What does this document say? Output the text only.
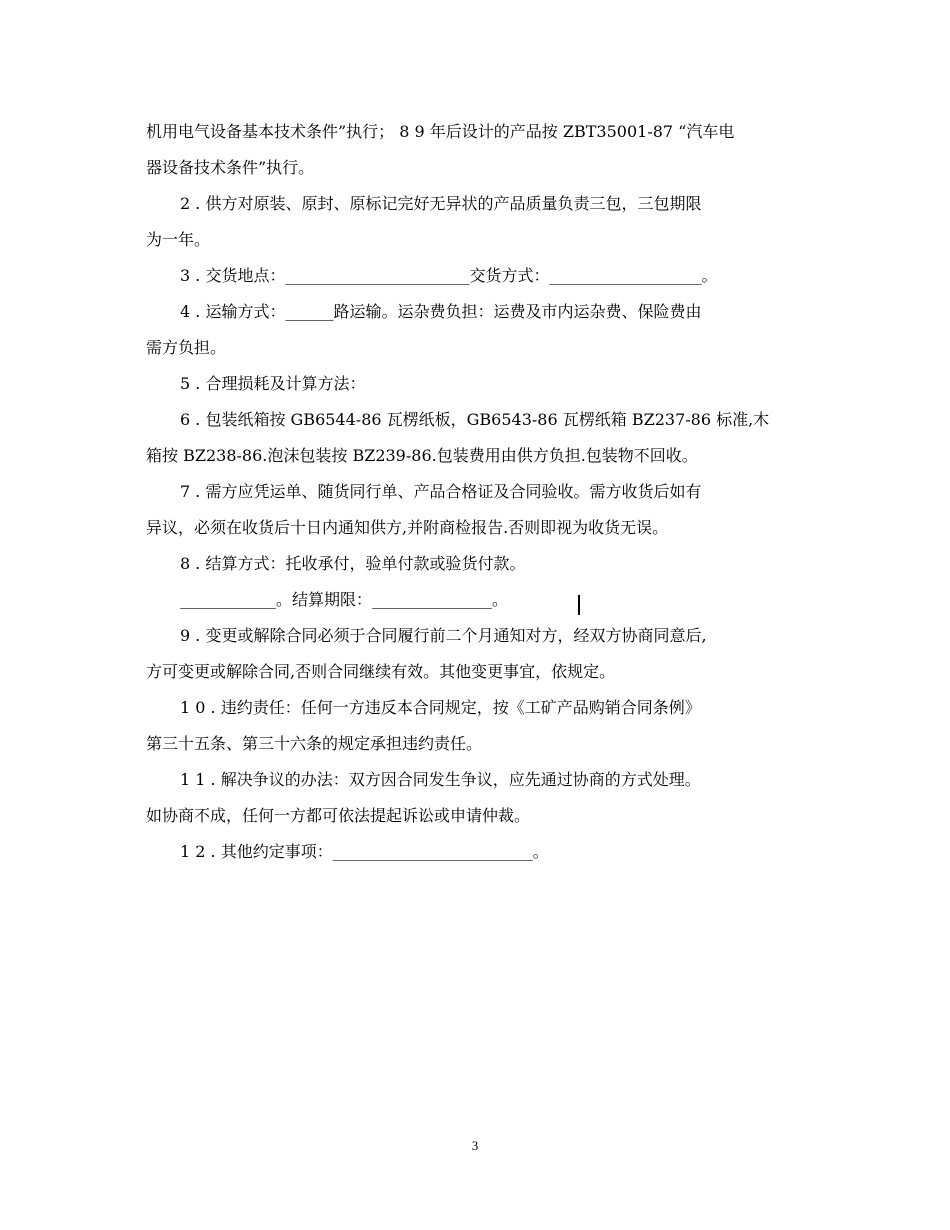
机用电气设备基本技术条件”执行； 8 9 年后设计的产品按 ZBT35001-87 “汽车电
器设备技术条件”执行。
2 . 供方对原装、原封、原标记完好无异状的产品质量负责三包，三包期限
为一年。
3 . 交货地点：_______________________交货方式：___________________。
4 . 运输方式：______路运输。运杂费负担：运费及市内运杂费、保险费由
需方负担。
5 . 合理损耗及计算方法：
6 . 包装纸箱按 GB6544-86 瓦楞纸板，GB6543-86 瓦楞纸箱 BZ237-86 标准,木
箱按 BZ238-86.泡沫包装按 BZ239-86.包装费用由供方负担.包装物不回收。
7 . 需方应凭运单、随货同行单、产品合格证及合同验收。需方收货后如有
异议，必须在收货后十日内通知供方,并附商检报告.否则即视为收货无误。
8 . 结算方式：托收承付，验单付款或验货付款。
____________。结算期限：_______________。
9 . 变更或解除合同必须于合同履行前二个月通知对方，经双方协商同意后,
方可变更或解除合同,否则合同继续有效。其他变更事宜，依规定。
1 0 . 违约责任：任何一方违反本合同规定，按《工矿产品购销合同条例》
第三十五条、第三十六条的规定承担违约责任。
1 1 . 解决争议的办法：双方因合同发生争议，应先通过协商的方式处理。
如协商不成，任何一方都可依法提起诉讼或申请仲裁。
1 2 . 其他约定事项：_________________________。
3
